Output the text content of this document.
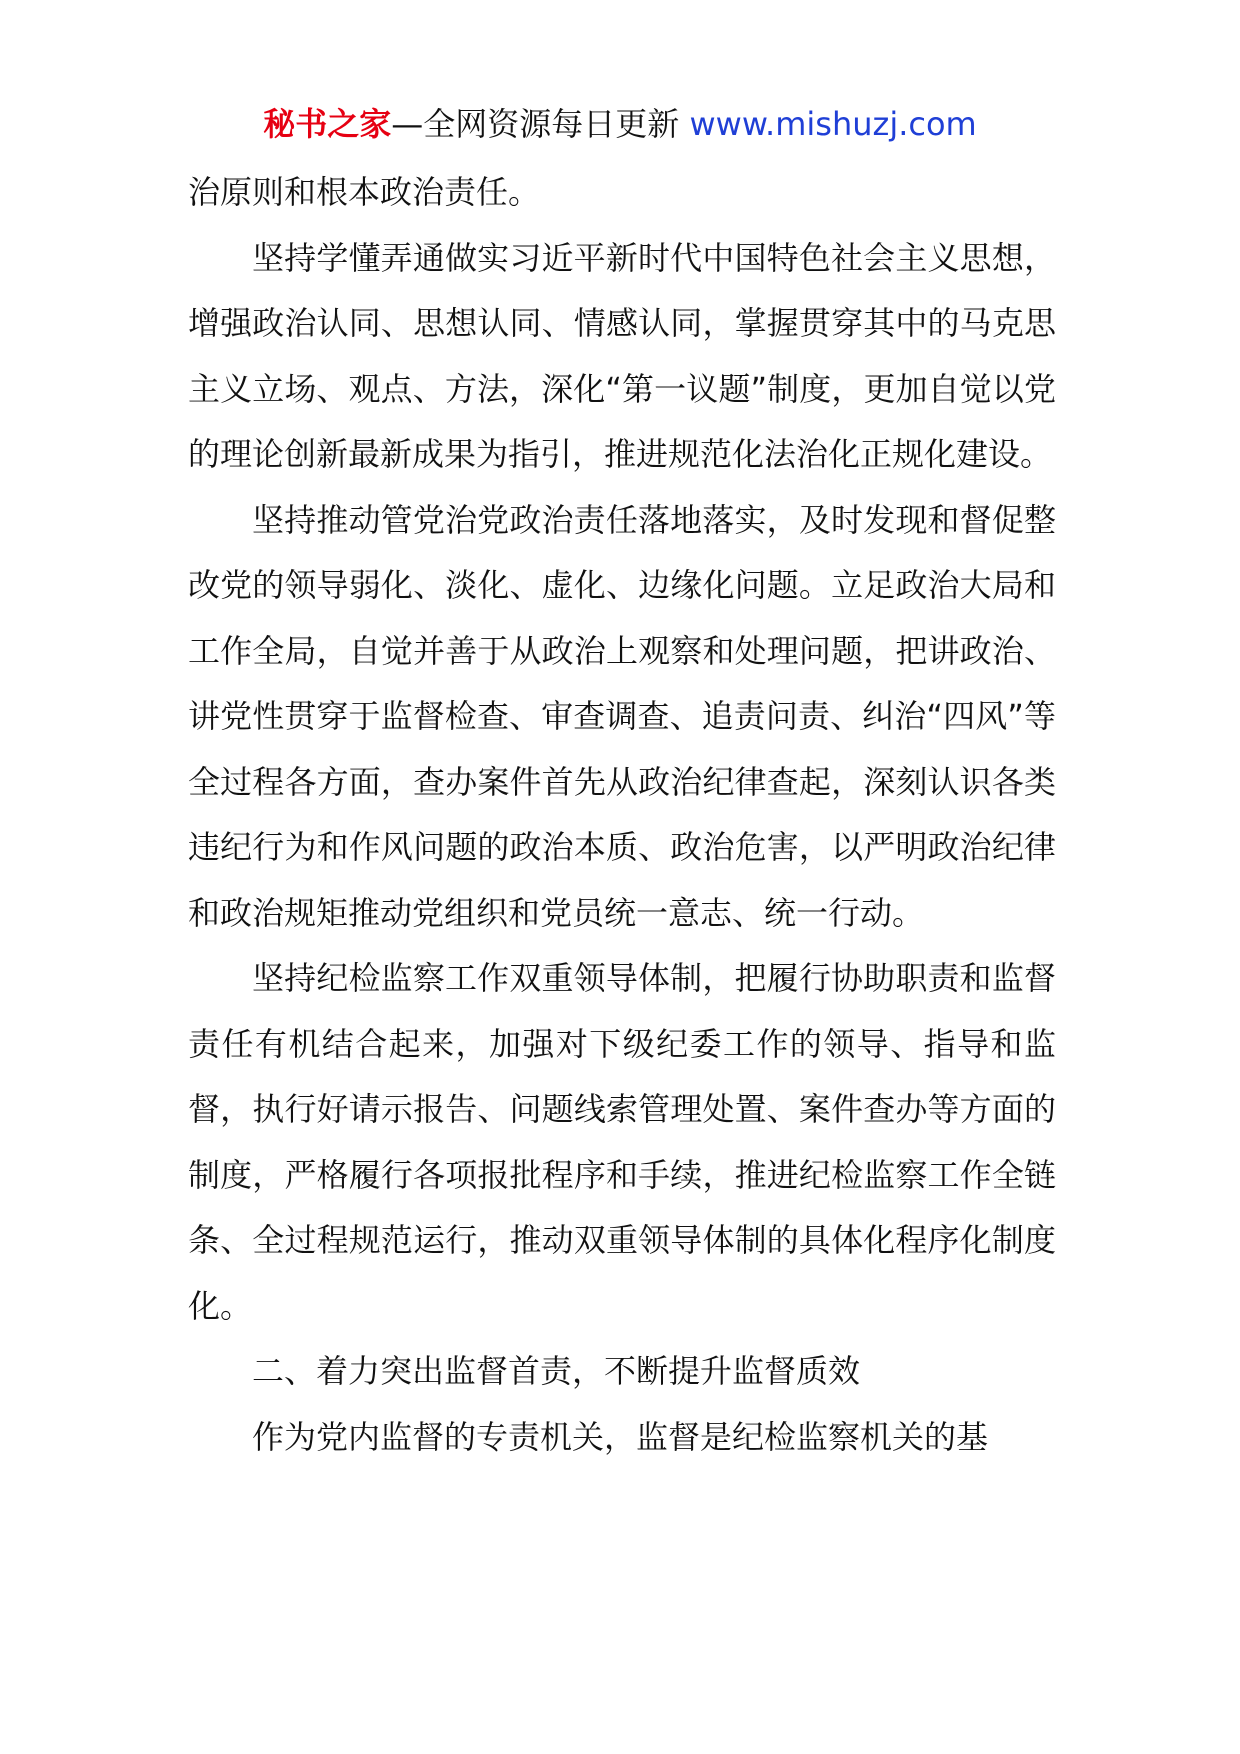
秘书之家—全网资源每日更新 www.mishuzj.com

治原则和根本政治责任。

坚持学懂弄通做实习近平新时代中国特色社会主义思想，增强政治认同、思想认同、情感认同，掌握贯穿其中的马克思主义立场、观点、方法，深化“第一议题”制度，更加自觉以党的理论创新最新成果为指引，推进规范化法治化正规化建设。

坚持推动管党治党政治责任落地落实，及时发现和督促整改党的领导弱化、淡化、虚化、边缘化问题。立足政治大局和工作全局，自觉并善于从政治上观察和处理问题，把讲政治、讲党性贯穿于监督检查、审查调查、追责问责、纠治“四风”等全过程各方面，查办案件首先从政治纪律查起，深刻认识各类违纪行为和作风问题的政治本质、政治危害，以严明政治纪律和政治规矩推动党组织和党员统一意志、统一行动。

坚持纪检监察工作双重领导体制，把履行协助职责和监督责任有机结合起来，加强对下级纪委工作的领导、指导和监督，执行好请示报告、问题线索管理处置、案件查办等方面的制度，严格履行各项报批程序和手续，推进纪检监察工作全链条、全过程规范运行，推动双重领导体制的具体化程序化制度化。

二、着力突出监督首责，不断提升监督质效

作为党内监督的专责机关，监督是纪检监察机关的基
